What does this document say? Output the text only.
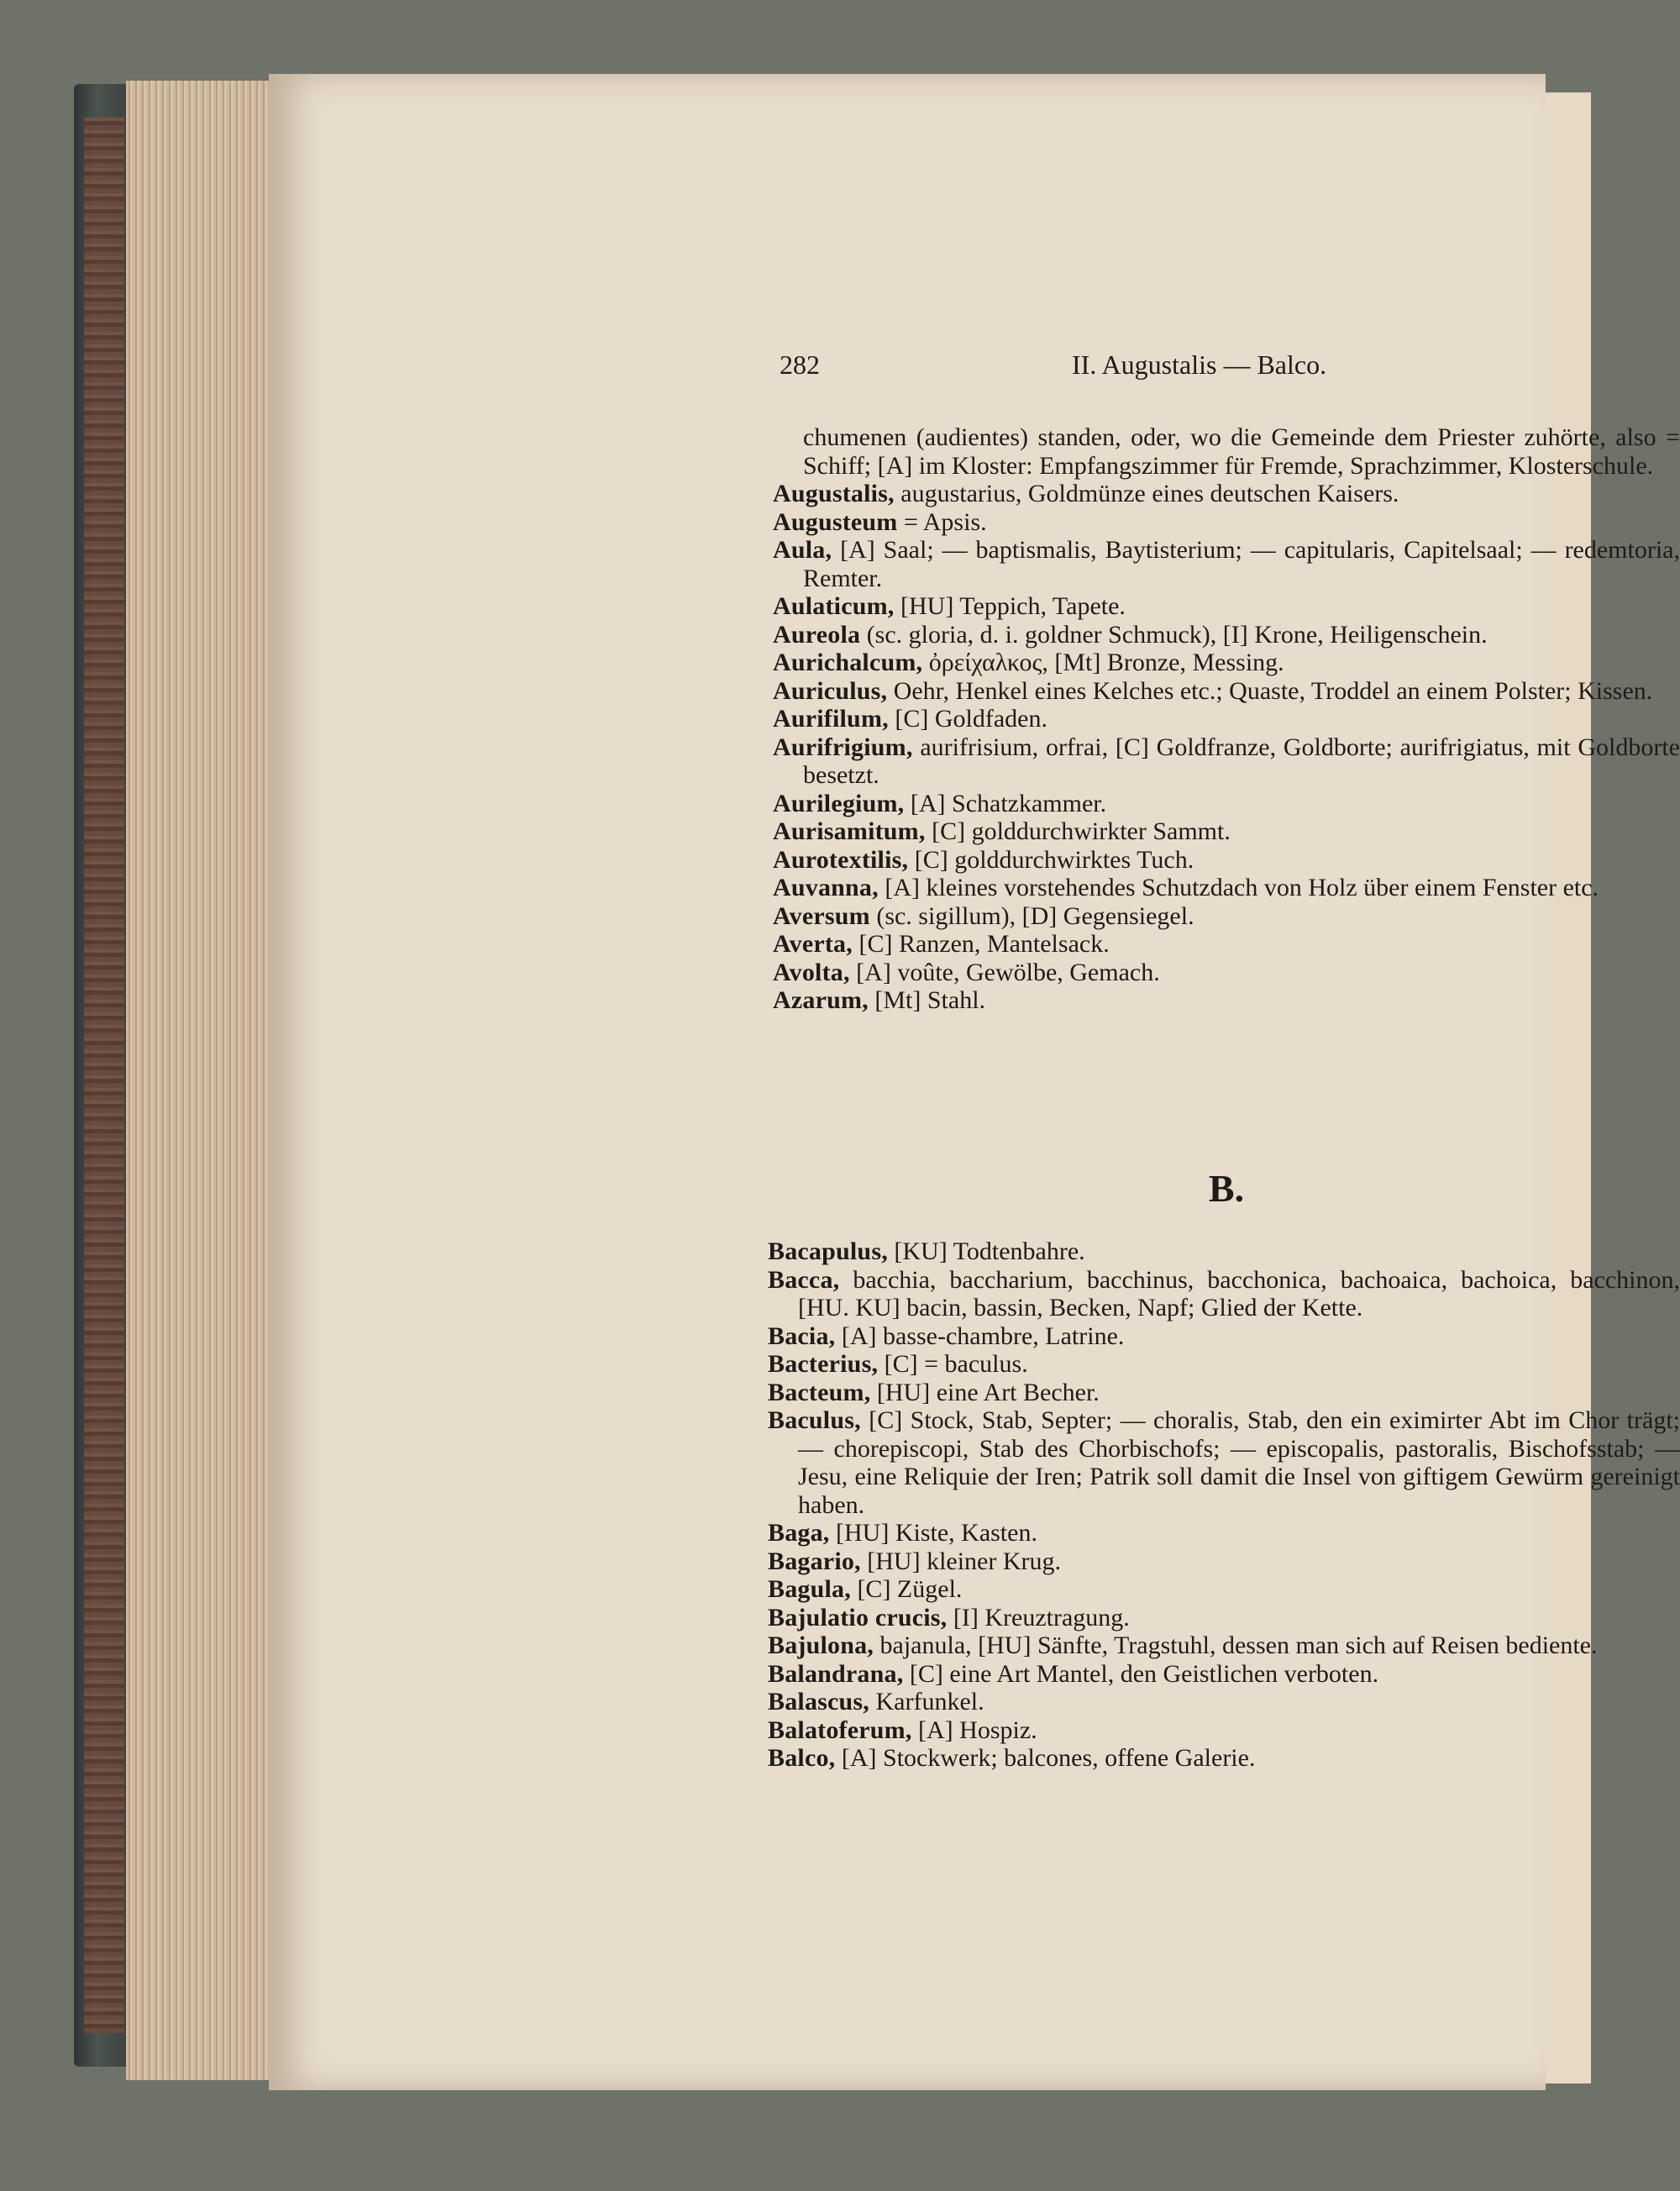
282	II. Augustalis — Balco.

chumenen (audientes) standen, oder, wo die Gemeinde dem Priester zuhörte, also = Schiff; [A] im Kloster: Empfangszimmer für Fremde, Sprachzimmer, Klosterschule.

Augustalis, augustarius, Goldmünze eines deutschen Kaisers.

Augusteum = Apsis.

Aula, [A] Saal; — baptismalis, Baytisterium; — capitularis, Capitelsaal; — redemtoria, Remter.

Aulaticum, [HU] Teppich, Tapete.

Aureola (sc. gloria, d. i. goldner Schmuck), [I] Krone, Heiligenschein.

Aurichalcum, ὀρείχαλκος, [Mt] Bronze, Messing.

Auriculus, Oehr, Henkel eines Kelches etc.; Quaste, Troddel an einem Polster; Kissen.

Aurifilum, [C] Goldfaden.

Aurifrigium, aurifrisium, orfrai, [C] Goldfranze, Goldborte; aurifrigiatus, mit Goldborte besetzt.

Aurilegium, [A] Schatzkammer.

Aurisamitum, [C] golddurchwirkter Sammt.

Aurotextilis, [C] golddurchwirktes Tuch.

Auvanna, [A] kleines vorstehendes Schutzdach von Holz über einem Fenster etc.

Aversum (sc. sigillum), [D] Gegensiegel.

Averta, [C] Ranzen, Mantelsack.

Avolta, [A] voûte, Gewölbe, Gemach.

Azarum, [Mt] Stahl.

B.

Bacapulus, [KU] Todtenbahre.

Bacca, bacchia, baccharium, bacchinus, bacchonica, bachoaica, bachoica, bacchinon, [HU. KU] bacin, bassin, Becken, Napf; Glied der Kette.

Bacia, [A] basse-chambre, Latrine.

Bacterius, [C] = baculus.

Bacteum, [HU] eine Art Becher.

Baculus, [C] Stock, Stab, Septer; — choralis, Stab, den ein eximirter Abt im Chor trägt; — chorepiscopi, Stab des Chorbischofs; — episcopalis, pastoralis, Bischofsstab; — Jesu, eine Reliquie der Iren; Patrik soll damit die Insel von giftigem Gewürm gereinigt haben.

Baga, [HU] Kiste, Kasten.

Bagario, [HU] kleiner Krug.

Bagula, [C] Zügel.

Bajulatio crucis, [I] Kreuztragung.

Bajulona, bajanula, [HU] Sänfte, Tragstuhl, dessen man sich auf Reisen bediente.

Balandrana, [C] eine Art Mantel, den Geistlichen verboten.

Balascus, Karfunkel.

Balatoferum, [A] Hospiz.

Balco, [A] Stockwerk; balcones, offene Galerie.
